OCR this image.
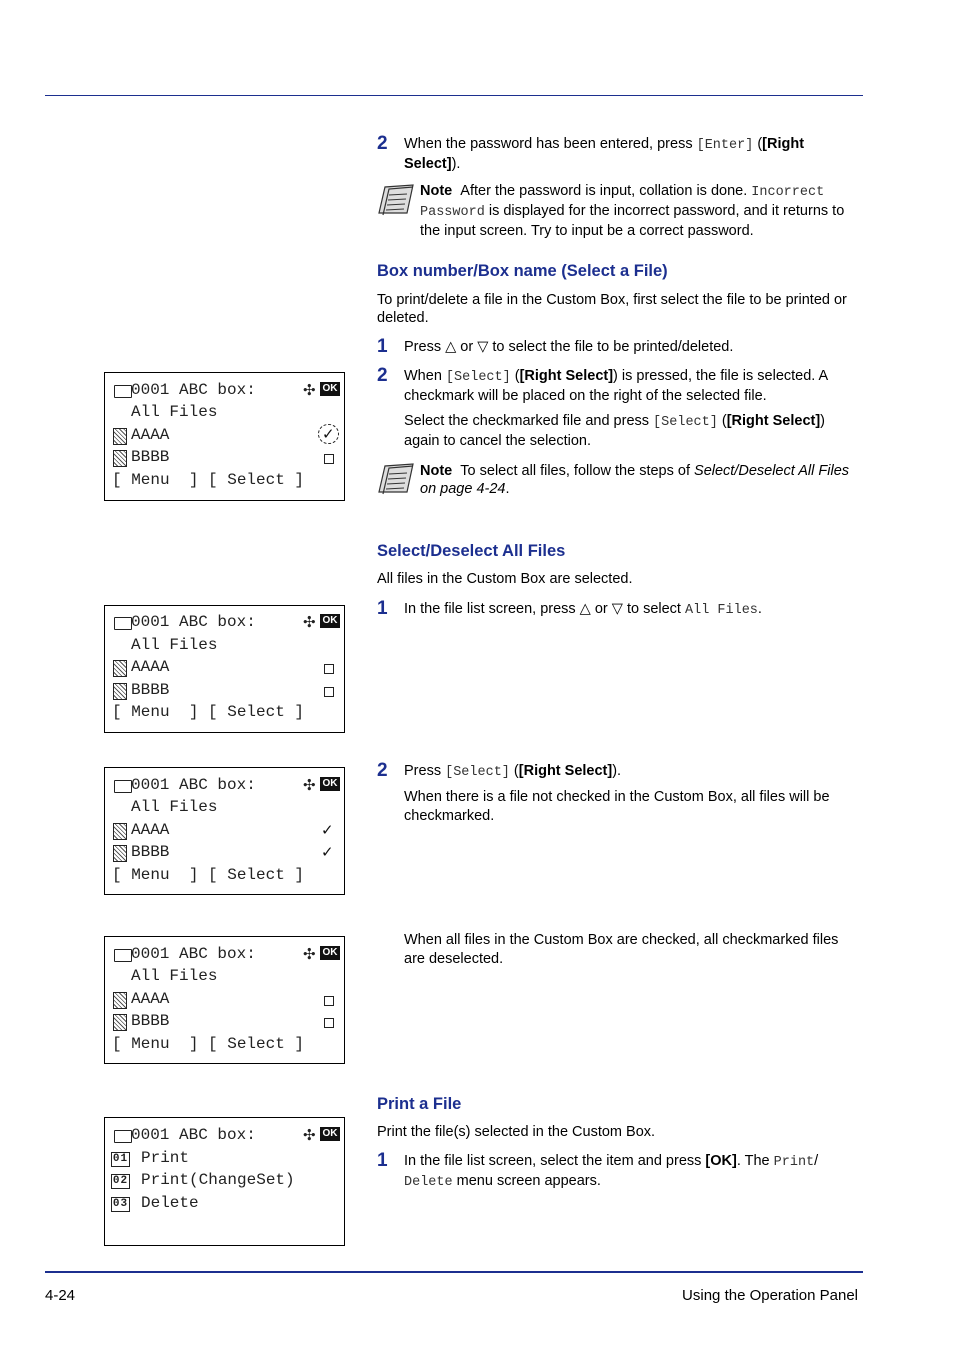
2 When the password has been entered, press [Enter] ([Right Select]).
Note After the password is input, collation is done. Incorrect Password is displayed for the incorrect password, and it returns to the input screen. Try to input be a correct password.
Box number/Box name (Select a File)
To print/delete a file in the Custom Box, first select the file to be printed or deleted.
1 Press △ or ▽ to select the file to be printed/deleted.
2 When [Select] ([Right Select]) is pressed, the file is selected. A checkmark will be placed on the right of the selected file.
Select the checkmarked file and press [Select] ([Right Select]) again to cancel the selection.
Note To select all files, follow the steps of Select/Deselect All Files on page 4-24.
Select/Deselect All Files
All files in the Custom Box are selected.
1 In the file list screen, press △ or ▽ to select All Files.
2 Press [Select] ([Right Select]).
When there is a file not checked in the Custom Box, all files will be checkmarked.
When all files in the Custom Box are checked, all checkmarked files are deselected.
Print a File
Print the file(s) selected in the Custom Box.
1 In the file list screen, select the item and press [OK]. The Print/
Delete menu screen appears.

0001 ABC box:

	✣

OK

All Files

AAAA

	✓

BBBB

[ Menu  ] [ Select ]

0001 ABC box:

	✣

OK

All Files

AAAA

BBBB

[ Menu  ] [ Select ]

0001 ABC box:

	✣

OK

All Files

AAAA

	✓

BBBB

	✓

[ Menu  ] [ Select ]

0001 ABC box:

	✣

OK

All Files

AAAA

BBBB

[ Menu  ] [ Select ]

0001 ABC box:

	✣

OK

01

Print

02

Print(ChangeSet)

03

Delete

4-24	Using the Operation Panel
